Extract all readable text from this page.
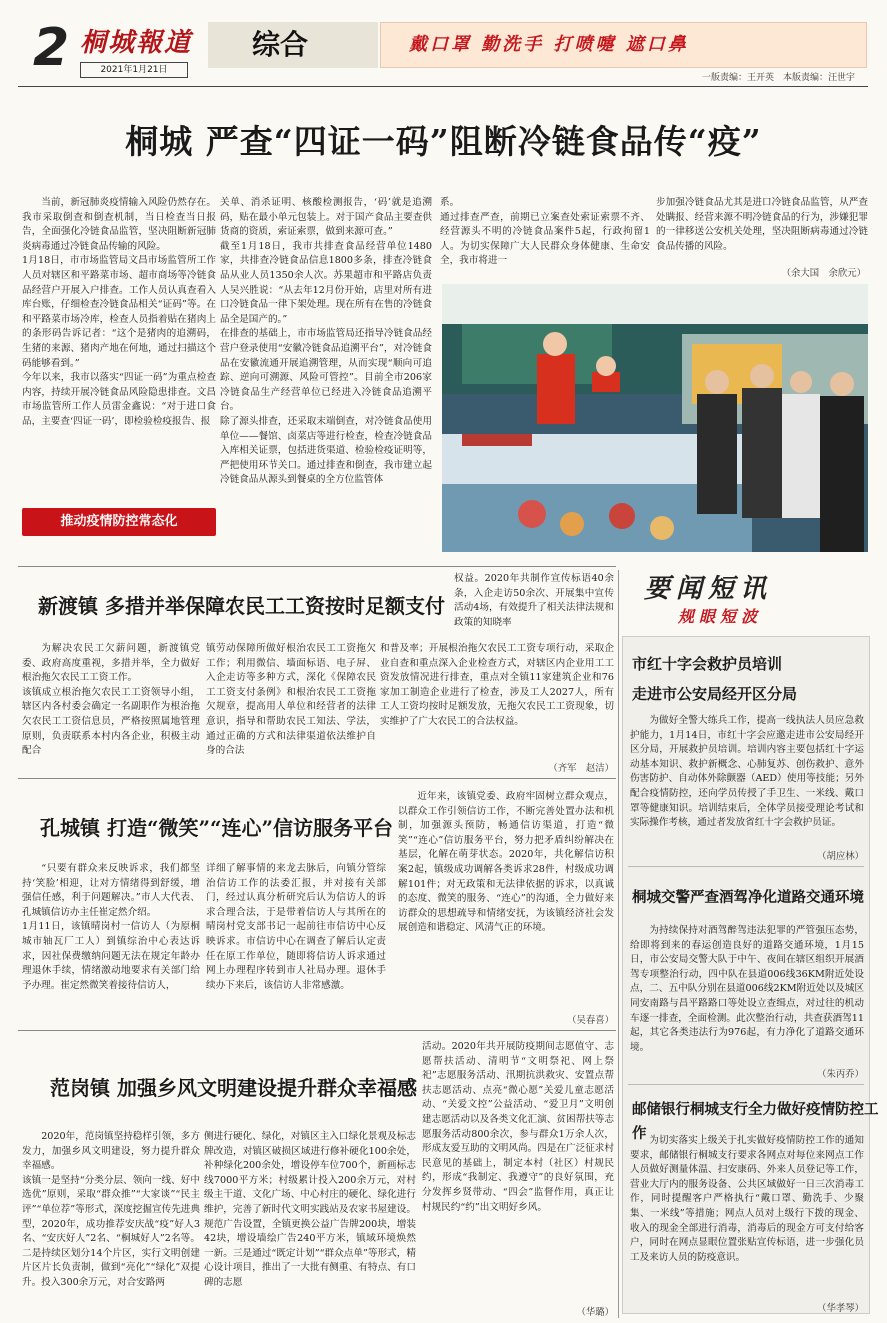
2 桐城報道
2021年1月21日
综合	戴口罩 勤洗手 打喷嚏 遮口鼻
一版责编：王开英　本版责编：汪世宇
桐城 严查“四证一码”阻断冷链食品传“疫”
当前，新冠肺炎疫情输入风险仍然存在。我市采取倒查和倒查机制，当日检查当日报告，全面强化冷链食品监管，坚决阻断新冠肺炎病毒通过冷链食品传输的风险。
1月18日，市市场监管局文昌市场监管所工作人员对辖区和平路菜市场、超市商场等冷链食品经营户开展入户排查。工作人员认真查看入库台账，仔细检查冷链食品相关“证码”等。在和平路菜市场冷库，检查人员指着贴在猪肉上的条形码告诉记者：“这个是猪肉的追溯码，生猪的来源、猪肉产地在何地，通过扫描这个码能够看到。”
今年以来，我市以落实“四证一码”为重点检查内容，持续开展冷链食品风险隐患排查。文昌市场监管所工作人员雷金鑫说：“对于进口食品，主要查‘四证一码’，即检验检疫报告、报
推动疫情防控常态化
关单、消杀证明、核酸检测报告，‘码’就是追溯码，贴在最小单元包装上。对于国产食品主要查供货商的资质，索证索票，做到来源可查。”
截至1月18日，我市共排查食品经营单位1480家，共排查冷链食品信息1800多条，排查冷链食品从业人员1350余人次。苏果超市和平路店负责人吴兴胜说：“从去年12月份开始，店里对所有进口冷链食品一律下架处理。现在所有在售的冷链食品全是国产的。”
在排查的基础上，市市场监管局还指导冷链食品经营户登录使用“安徽冷链食品追溯平台”，对冷链食品在安徽流通开展追溯管理，从而实现“顺向可追踪、逆向可溯源、风险可管控”。目前全市206家冷链食品生产经营单位已经进入冷链食品追溯平台。
除了源头排查，还采取末端倒查，对冷链食品使用单位——餐馆、卤菜店等进行检查，检查冷链食品入库相关证票，包括进货渠道、检验检疫证明等，严把使用环节关口。通过排查和倒查，我市建立起冷链食品从源头到餐桌的全方位监管体
系。
通过排查严查，前期已立案查处索证索票不齐、经营源头不明的冷链食品案件5起，行政拘留1人。为切实保障广大人民群众身体健康、生命安全，我市将进一
步加强冷链食品尤其是进口冷链食品监管，从严查处瞒报、经营来源不明冷链食品的行为，涉嫌犯罪的一律移送公安机关处理，坚决阻断病毒通过冷链食品传播的风险。
（余大国　余欣元）
新渡镇 多措并举保障农民工工资按时足额支付
权益。2020年共制作宣传标语40余条，入企走访50余次、开展集中宣传活动4场，有效提升了相关法律法规和政策的知晓率
为解决农民工欠薪问题，新渡镇党委、政府高度重视，多措并举，全力做好根治拖欠农民工工资工作。
该镇成立根治拖欠农民工工资领导小组，辖区内各村委会确定一名副职作为根治拖欠农民工工资信息员，严格按照属地管理原则，负责联系本村内各企业，积极主动配合
镇劳动保障所做好根治农民工工资拖欠工作；利用微信、墙面标语、电子屏、入企走访等多种方式，深化《保障农民工工资支付条例》和根治农民工工资拖欠规章，提高用人单位和经营者的法律意识，指导和帮助农民工知法、学法，通过正确的方式和法律渠道依法维护自身的合法
和普及率；开展根治拖欠农民工工资专项行动，采取企业自查和重点深入企业检查方式，对辖区内企业用工工资发放情况进行排查，重点对全镇11家建筑企业和76家加工制造企业进行了检查，涉及工人2027人，所有工人工资均按时足额发放，无拖欠农民工工资现象，切实维护了广大农民工的合法权益。
（齐军　赵洁）
孔城镇 打造“微笑”“连心”信访服务平台
近年来，该镇党委、政府牢固树立群众观点，以群众工作引领信访工作，不断完善处置办法和机制，加强源头预防，畅通信访渠道，打造“微笑”“连心”信访服务平台，努力把矛盾纠纷解决在基层，化解在萌芽状态。2020年，共化解信访积案2起，镇级成功调解各类诉求28件，村级成功调解101件；对无政策和无法律依据的诉求，以真诚的态度、微笑的服务、“连心”的沟通，全力做好来访群众的思想疏导和情绪安抚，为该镇经济社会发展创造和谐稳定、风清气正的环境。
“只要有群众来反映诉求，我们都坚持‘笑脸’相迎，让对方情绪得到舒缓，增强信任感，利于问题解决。”市人大代表、孔城镇信访办主任崔定然介绍。
1月11日，该镇晴岗村一信访人（为原桐城市轴瓦厂工人）到镇综治中心表达诉求，因社保费缴纳问题无法在规定年龄办理退休手续，情绪激动地要求有关部门给予办理。崔定然微笑着接待信访人，
详细了解事情的来龙去脉后，向镇分管综治信访工作的法委汇报，并对接有关部门，经过认真分析研究后认为信访人的诉求合理合法，于是带着信访人与其所在的晴岗村党支部书记一起前往市信访中心反映诉求。市信访中心在调查了解后认定责任在原工作单位，随即将信访人诉求通过网上办理程序转到市人社局办理。退休手续办下来后，该信访人非常感激。
（吴春喜）
范岗镇 加强乡风文明建设提升群众幸福感
活动。2020年共开展防疫期间志愿值守、志愿帮扶活动、清明节“文明祭祀、网上祭祀”志愿服务活动、汛期抗洪救灾、安置点帮扶志愿活动、点亮“微心愿”关爱儿童志愿活动、“关爱文控”公益活动、“爱卫月”文明创建志愿活动以及各类文化汇演、贫困帮扶等志愿服务活动800余次，参与群众1万余人次，形成友爱互助的文明风尚。四是在广泛征求村民意见的基础上，制定本村（社区）村规民约，形成“我制定、我遵守”的良好氛围，充分发挥乡贤带动、“四会”监督作用，真正让村规民约“约”出文明好乡风。
2020年，范岗镇坚持稳样引领，多方发力，加强乡风文明建设，努力提升群众幸福感。
该镇一是坚持“分类分层、领向一线、好中选优”原则，采取“群众推”“大家谈”“民主评”“单位荐”等形式，深度挖掘宣传先进典型，2020年，成功推荐安庆战“疫”好人3名、“安庆好人”2名、“桐城好人”2名等。二是持续区划分14个片区，实行文明创建片区片长负责制，做到“亮化”“绿化”双提升。投入300余万元，对合安路两
侧进行硬化、绿化，对镇区主入口绿化景观及标志牌改造，对镇区破损区域进行修补硬化100余处，补种绿化200余处，增设停车位700个，新画标志线7000平方米；村级累计投入200余万元，对村级主干道、文化广场、中心村庄的硬化、绿化进行维护，完善了新时代文明实践站及农家书屋建设。规范广告设置，全镇更换公益广告牌200块，增装42块，增设墙绘广告240平方米，镇域环境焕然一新。三是通过“既定计划”“群众点单”等形式，精心设计项目，推出了一大批有侧重、有特点、有口碑的志愿
（华璐）
要闻短讯
规眼短波
市红十字会救护员培训
走进市公安局经开区分局
为做好全警大练兵工作，提高一线执法人员应急救护能力，1月14日，市红十字会应邀走进市公安局经开区分局，开展救护员培训。培训内容主要包括红十字运动基本知识、救护新概念、心肺复苏、创伤救护、意外伤害防护、自动体外除颤器（AED）使用等技能；另外配合疫情防控，还向学员传授了手卫生、一米线、戴口罩等健康知识。培训结束后，全体学员接受理论考试和实际操作考核，通过者发放省红十字会救护员证。
（胡应林）
桐城交警严查酒驾净化道路交通环境
为持续保持对酒驾醉驾违法犯罪的严管强压态势，给即将到来的春运创造良好的道路交通环境，1月15日，市公安局交警大队于中午、夜间在辖区组织开展酒驾专项整治行动，四中队在县道006线36KM附近处设点，二、五中队分别在县道006线2KM附近处以及城区同安南路与昌平路路口等处设立查缉点，对过往的机动车逐一排查，全面检测。此次整治行动，共查获酒驾11起，其它各类违法行为976起，有力净化了道路交通环境。
（朱丙乔）
邮储银行桐城支行全力做好疫情防控工作 为切实落实上级关于扎实做好疫情防控工作的通知要求，邮储银行桐城支行要求各网点对每位来网点工作人员做好测量体温、扫安康码、外来人员登记等工作，营业大厅内的服务设备、公共区域做好一日三次消毒工作，同时提醒客户严格执行“戴口罩、勤洗手、少聚集、一米线”等措施；网点人员对上级行下拨的现金、收入的现金全部进行消毒，消毒后的现金方可支付给客户，同时在网点显眼位置张贴宣传标语，进一步强化员工及来访人员的防疫意识。
（华孝琴）
